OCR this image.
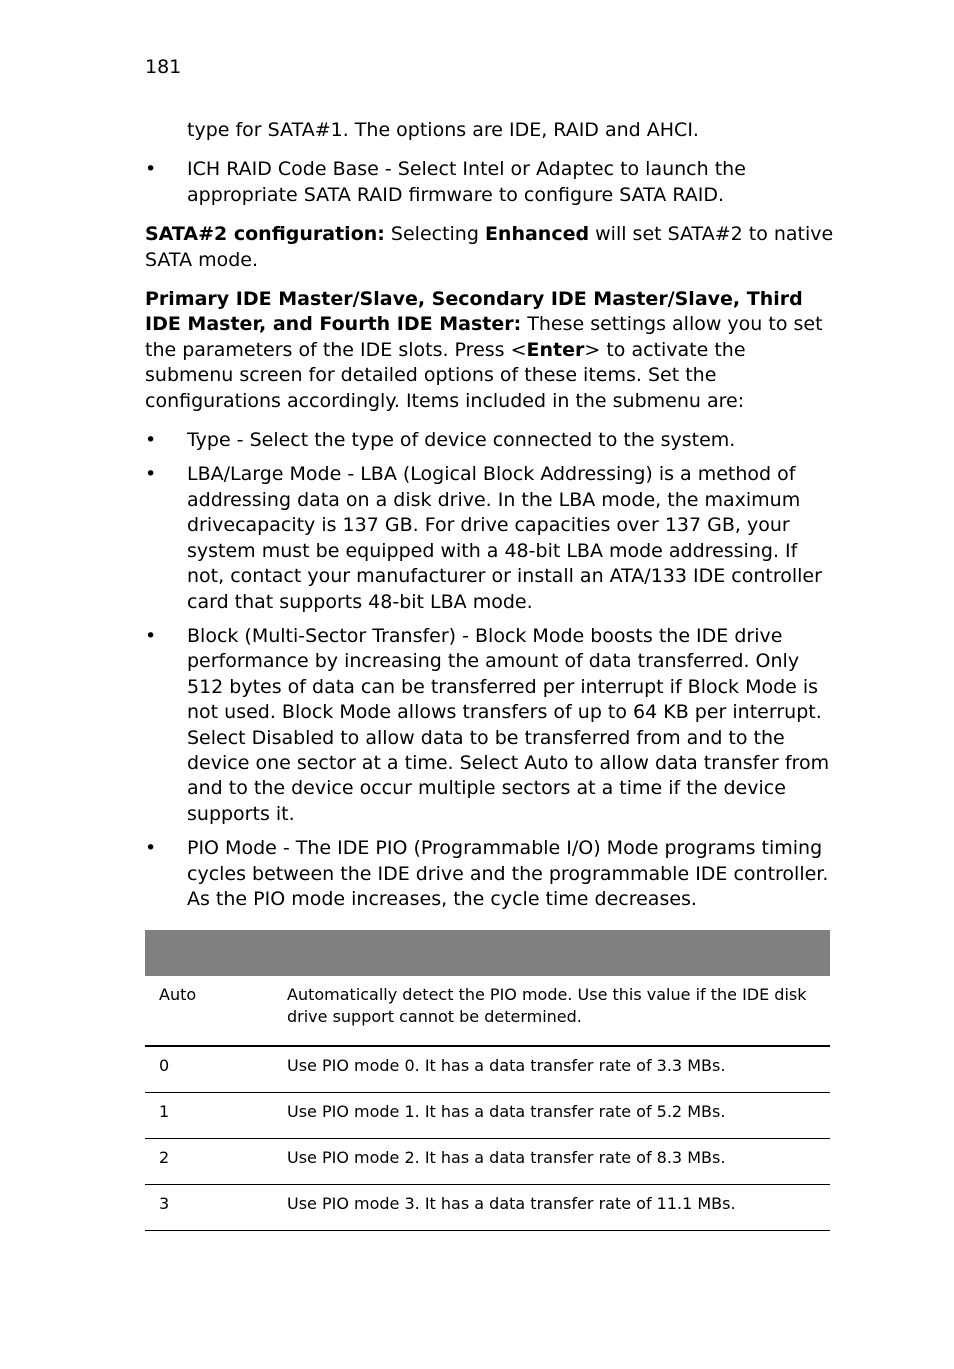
181

type for SATA#1. The options are IDE, RAID and AHCI.

• ICH RAID Code Base - Select Intel or Adaptec to launch the appropriate SATA RAID firmware to configure SATA RAID.

SATA#2 configuration: Selecting Enhanced will set SATA#2 to native SATA mode.

Primary IDE Master/Slave, Secondary IDE Master/Slave, Third IDE Master, and Fourth IDE Master: These settings allow you to set the parameters of the IDE slots. Press <Enter> to activate the submenu screen for detailed options of these items. Set the configurations accordingly. Items included in the submenu are:

• Type - Select the type of device connected to the system.
• LBA/Large Mode - LBA (Logical Block Addressing) is a method of addressing data on a disk drive. In the LBA mode, the maximum drivecapacity is 137 GB. For drive capacities over 137 GB, your system must be equipped with a 48-bit LBA mode addressing. If not, contact your manufacturer or install an ATA/133 IDE controller card that supports 48-bit LBA mode.
• Block (Multi-Sector Transfer) - Block Mode boosts the IDE drive performance by increasing the amount of data transferred. Only 512 bytes of data can be transferred per interrupt if Block Mode is not used. Block Mode allows transfers of up to 64 KB per interrupt. Select Disabled to allow data to be transferred from and to the device one sector at a time. Select Auto to allow data transfer from and to the device occur multiple sectors at a time if the device supports it.
• PIO Mode - The IDE PIO (Programmable I/O) Mode programs timing cycles between the IDE drive and the programmable IDE controller. As the PIO mode increases, the cycle time decreases.

Auto	Automatically detect the PIO mode. Use this value if the IDE disk drive support cannot be determined.

0	Use PIO mode 0. It has a data transfer rate of 3.3 MBs.

1	Use PIO mode 1. It has a data transfer rate of 5.2 MBs.

2	Use PIO mode 2. It has a data transfer rate of 8.3 MBs.

3	Use PIO mode 3. It has a data transfer rate of 11.1 MBs.
